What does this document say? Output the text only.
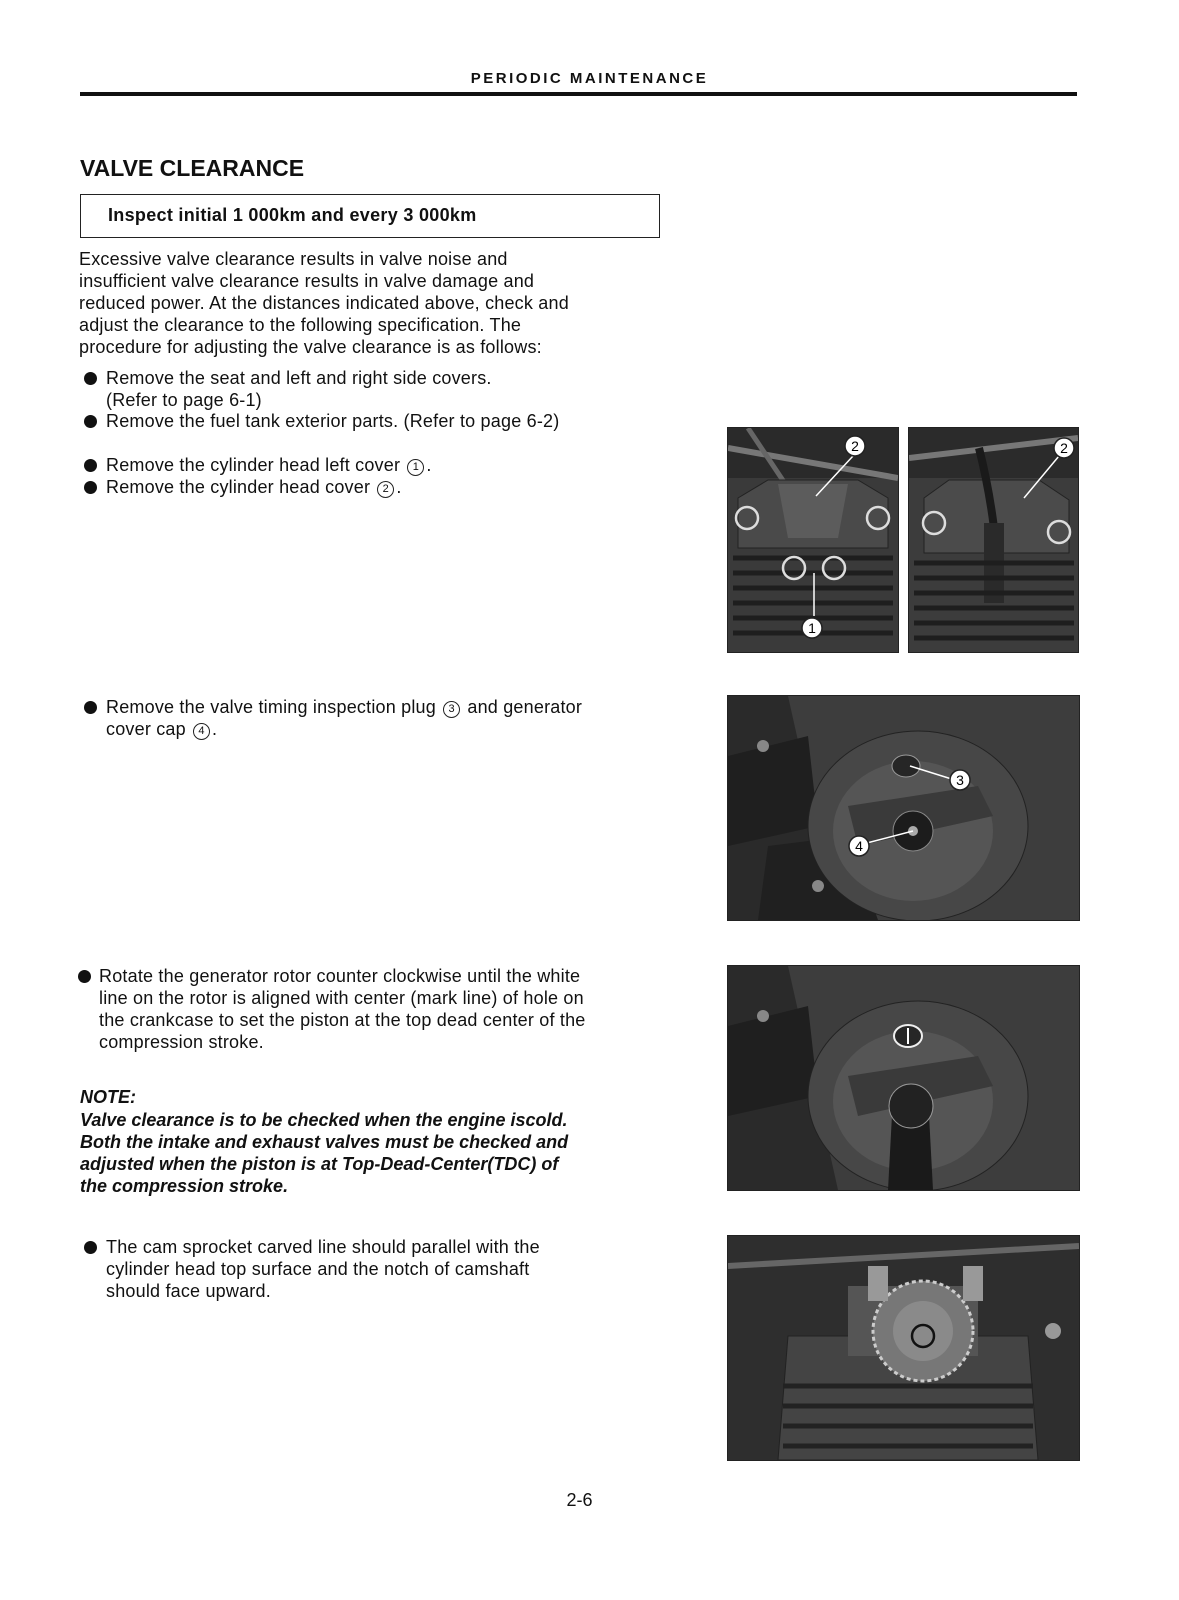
PERIODIC MAINTENANCE
VALVE CLEARANCE
Inspect initial 1 000km and every 3 000km

Excessive valve clearance results in valve noise and

insufficient valve clearance results in valve damage and

reduced power. At the distances indicated above, check and

adjust the clearance to the following specification. The

procedure for adjusting the valve clearance is as follows:

Remove the seat and left and right side covers.
(Refer to page 6-1)
Remove the fuel tank exterior parts. (Refer to page 6-2)
Remove the cylinder head left cover 1 .
Remove the cylinder head cover 2 .
Remove the valve timing inspection plug 3 and generator
cover cap 4 .
Rotate the generator rotor counter clockwise until the white
line on the rotor is aligned with center (mark line) of hole on
the crankcase to set the piston at the top dead center of the
compression stroke.
NOTE:
Valve clearance is to be checked when the engine iscold.
Both the intake and exhaust valves must be checked and
adjusted when the piston is at Top-Dead-Center(TDC) of
the compression stroke.
The cam sprocket carved line should parallel with the
cylinder head top surface and the notch of camshaft
should face upward.
2
1
2
3
4
2-6
